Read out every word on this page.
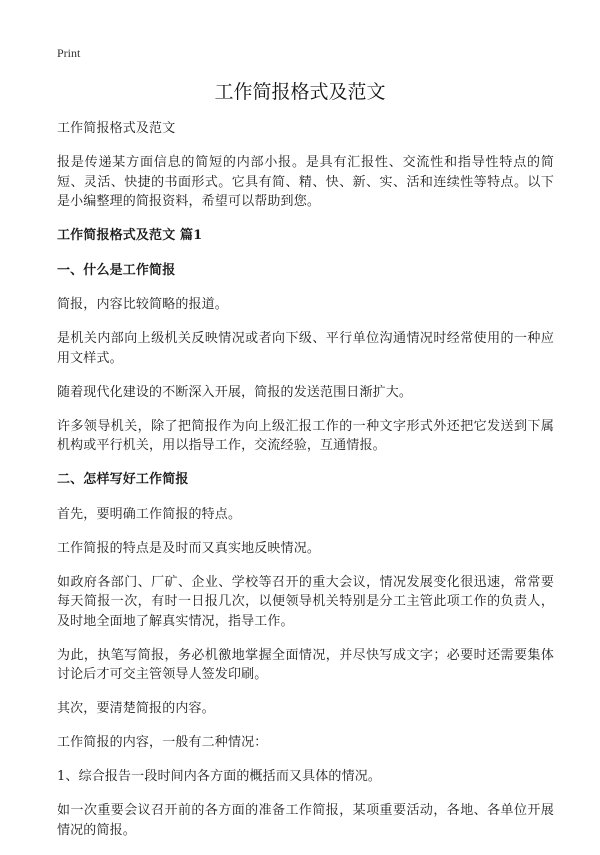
Print
工作简报格式及范文

工作简报格式及范文

报是传递某方面信息的简短的内部小报。是具有汇报性、交流性和指导性特点的简短、灵活、快捷的书面形式。它具有简、精、快、新、实、活和连续性等特点。以下是小编整理的简报资料，希望可以帮助到您。

工作简报格式及范文 篇1

一、什么是工作简报

简报，内容比较简略的报道。

是机关内部向上级机关反映情况或者向下级、平行单位沟通情况时经常使用的一种应用文样式。

随着现代化建设的不断深入开展，简报的发送范围日渐扩大。

许多领导机关，除了把简报作为向上级汇报工作的一种文字形式外还把它发送到下属机构或平行机关，用以指导工作，交流经验，互通情报。

二、怎样写好工作简报

首先，要明确工作简报的特点。

工作简报的特点是及时而又真实地反映情况。

如政府各部门、厂矿、企业、学校等召开的重大会议，情况发展变化很迅速，常常要每天简报一次，有时一日报几次，以便领导机关特别是分工主管此项工作的负责人，及时地全面地了解真实情况，指导工作。

为此，执笔写简报，务必机徼地掌握全面情况，并尽快写成文字；必要时还需要集体讨论后才可交主管领导人签发印刷。

其次，要清楚简报的内容。

工作简报的内容，一般有二种情况：

1、综合报告一段时间内各方面的概括而又具体的情况。

如一次重要会议召开前的各方面的准备工作简报，某项重要活动，各地、各单位开展情况的简报。
